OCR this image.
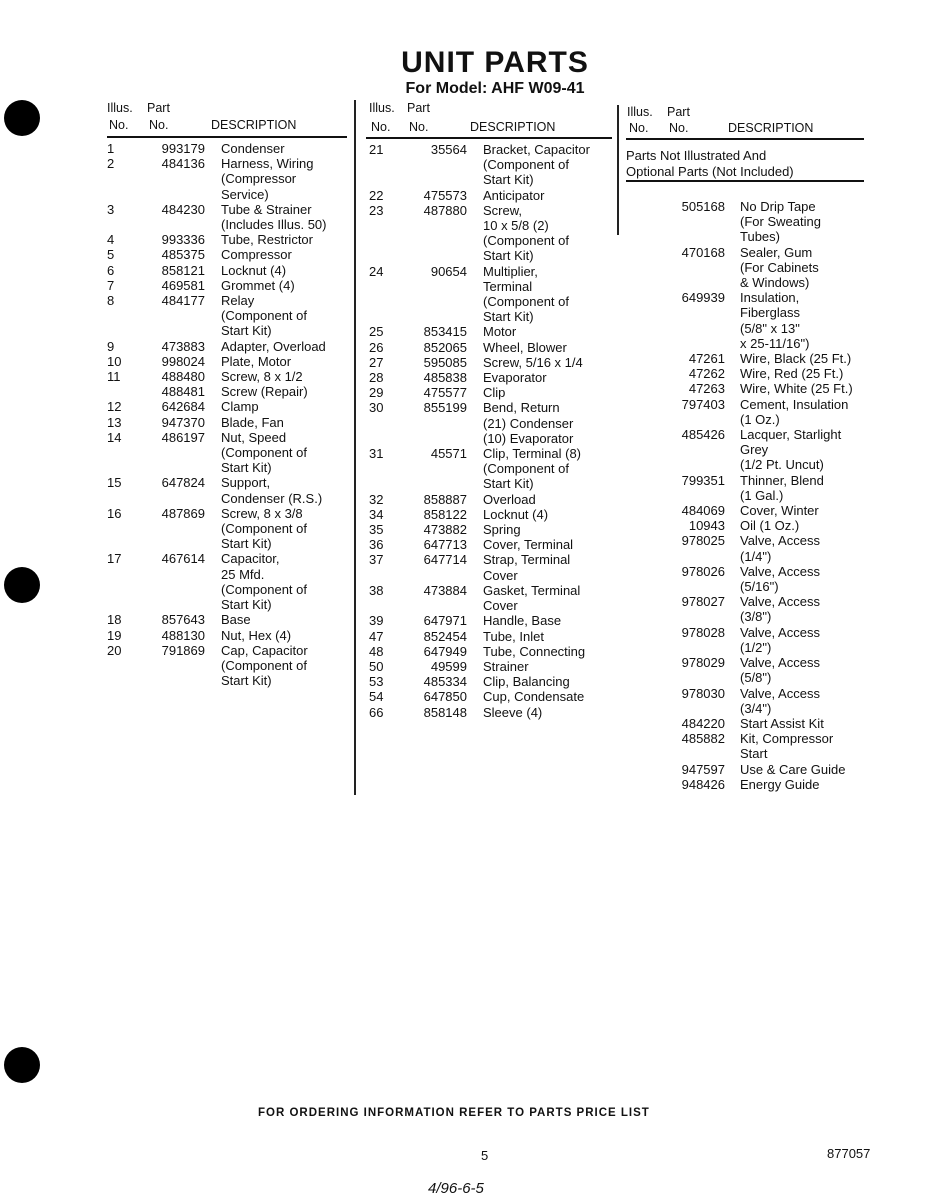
UNIT PARTS
For Model: AHF W09-41
Illus. Part
No. No.	DESCRIPTION
Illus. Part
No. No.	DESCRIPTION
Illus. Part
No. No.	DESCRIPTION
Parts Not Illustrated And
Optional Parts (Not Included)
1	993179 Condenser
2	484136 Harness, Wiring
(Compressor
Service)
3	484230 Tube & Strainer
(Includes Illus. 50)
4	993336 Tube, Restrictor
5	485375 Compressor
6	858121 Locknut (4)
7	469581 Grommet (4)
8	484177 Relay
(Component of
Start Kit)
9	473883 Adapter, Overload
10	998024 Plate, Motor
11	488480 Screw, 8 x 1/2
488481 Screw (Repair)
12	642684 Clamp
13	947370 Blade, Fan
14	486197 Nut, Speed
(Component of
Start Kit)
15	647824 Support,
Condenser (R.S.)
16	487869 Screw, 8 x 3/8
(Component of
Start Kit)
17	467614 Capacitor,
25 Mfd.
(Component of
Start Kit)
18	857643 Base
19	488130 Nut, Hex (4)
20	791869 Cap, Capacitor
(Component of
Start Kit)
21	35564 Bracket, Capacitor
(Component of
Start Kit)
22	475573 Anticipator
23	487880 Screw,
10 x 5/8 (2)
(Component of
Start Kit)
24	90654 Multiplier,
Terminal
(Component of
Start Kit)
25	853415 Motor
26	852065 Wheel, Blower
27	595085 Screw, 5/16 x 1/4
28	485838 Evaporator
29	475577 Clip
30	855199 Bend, Return
(21) Condenser
(10) Evaporator
31	45571 Clip, Terminal (8)
(Component of
Start Kit)
32	858887 Overload
34	858122 Locknut (4)
35	473882 Spring
36	647713 Cover, Terminal
37	647714 Strap, Terminal
Cover
38	473884 Gasket, Terminal
Cover
39	647971 Handle, Base
47	852454 Tube, Inlet
48	647949 Tube, Connecting
50	49599 Strainer
53	485334 Clip, Balancing
54	647850 Cup, Condensate
66	858148 Sleeve (4)
505168 No Drip Tape
(For Sweating
Tubes)
470168 Sealer, Gum
(For Cabinets
& Windows)
649939 Insulation,
Fiberglass
(5/8" x 13"
x 25-11/16")
47261 Wire, Black (25 Ft.)
47262 Wire, Red (25 Ft.)
47263 Wire, White (25 Ft.)
797403 Cement, Insulation
(1 Oz.)
485426 Lacquer, Starlight
Grey
(1/2 Pt. Uncut)
799351 Thinner, Blend
(1 Gal.)
484069 Cover, Winter
10943 Oil (1 Oz.)
978025 Valve, Access
(1/4")
978026 Valve, Access
(5/16")
978027 Valve, Access
(3/8")
978028 Valve, Access
(1/2")
978029 Valve, Access
(5/8")
978030 Valve, Access
(3/4")
484220 Start Assist Kit
485882 Kit, Compressor
Start
947597 Use & Care Guide
948426 Energy Guide
FOR ORDERING INFORMATION REFER TO PARTS PRICE LIST
5	877057
4/96-6-5
